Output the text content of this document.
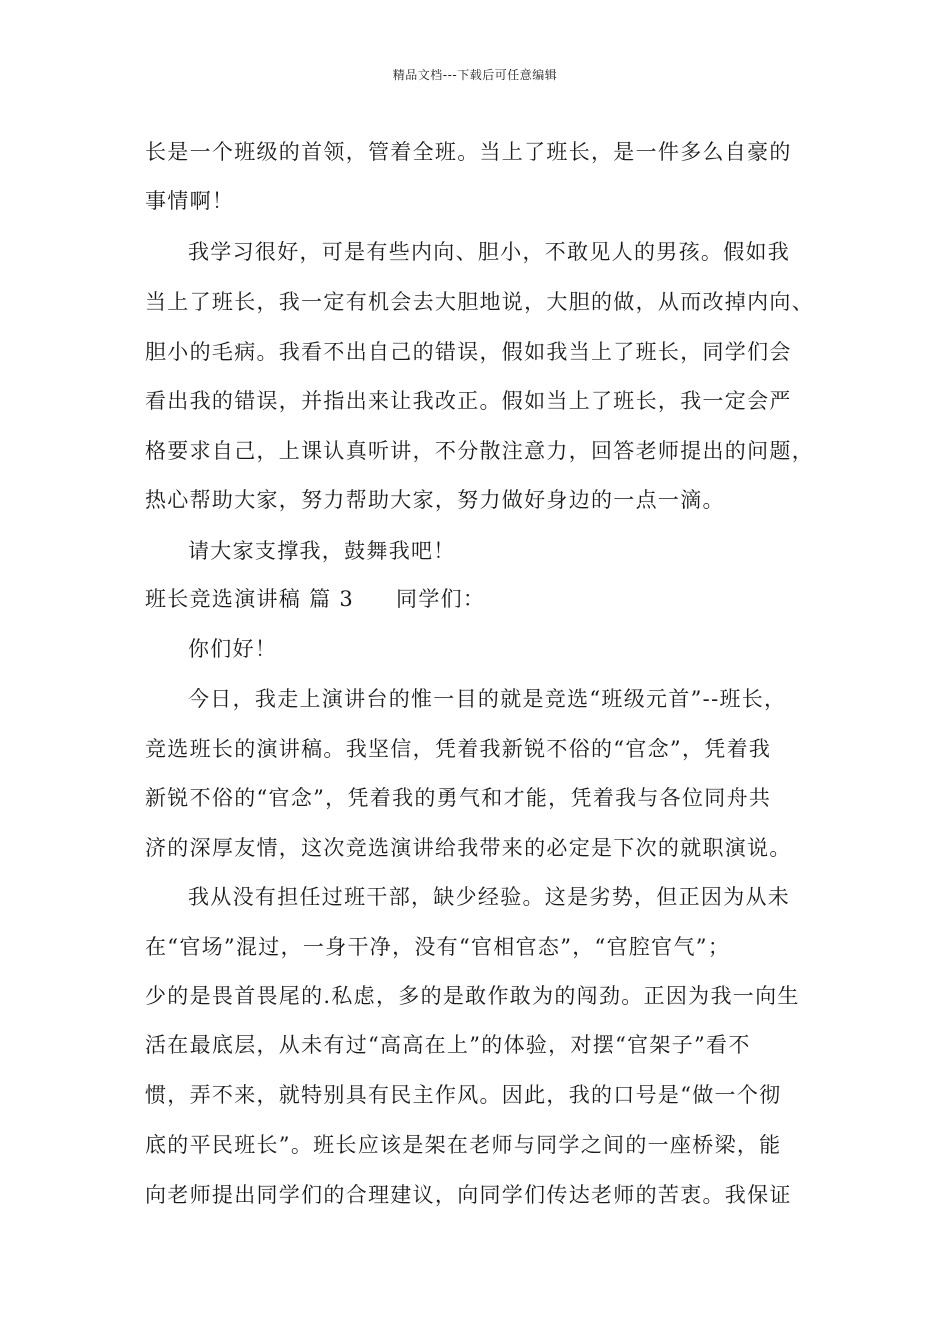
精品文档---下载后可任意编辑
长是一个班级的首领，管着全班。当上了班长，是一件多么自豪的
事情啊！
我学习很好，可是有些内向、胆小，不敢见人的男孩。假如我
当上了班长，我一定有机会去大胆地说，大胆的做，从而改掉内向、
胆小的毛病。我看不出自己的错误，假如我当上了班长，同学们会
看出我的错误，并指出来让我改正。假如当上了班长，我一定会严
格要求自己，上课认真听讲，不分散注意力，回答老师提出的问题，
热心帮助大家，努力帮助大家，努力做好身边的一点一滴。
请大家支撑我，鼓舞我吧！
班长竞选演讲稿 篇 3 同学们：
你们好！
今日，我走上演讲台的惟一目的就是竞选“班级元首”--班长，
竞选班长的演讲稿。我坚信，凭着我新锐不俗的“官念”，凭着我
新锐不俗的“官念”，凭着我的勇气和才能，凭着我与各位同舟共
济的深厚友情，这次竞选演讲给我带来的必定是下次的就职演说。
我从没有担任过班干部，缺少经验。这是劣势，但正因为从未
在“官场”混过，一身干净，没有“官相官态”，“官腔官气”；
少的是畏首畏尾的.私虑，多的是敢作敢为的闯劲。正因为我一向生
活在最底层，从未有过“高高在上”的体验，对摆“官架子”看不
惯，弄不来，就特别具有民主作风。因此，我的口号是“做一个彻
底的平民班长”。班长应该是架在老师与同学之间的一座桥梁，能
向老师提出同学们的合理建议，向同学们传达老师的苦衷。我保证
